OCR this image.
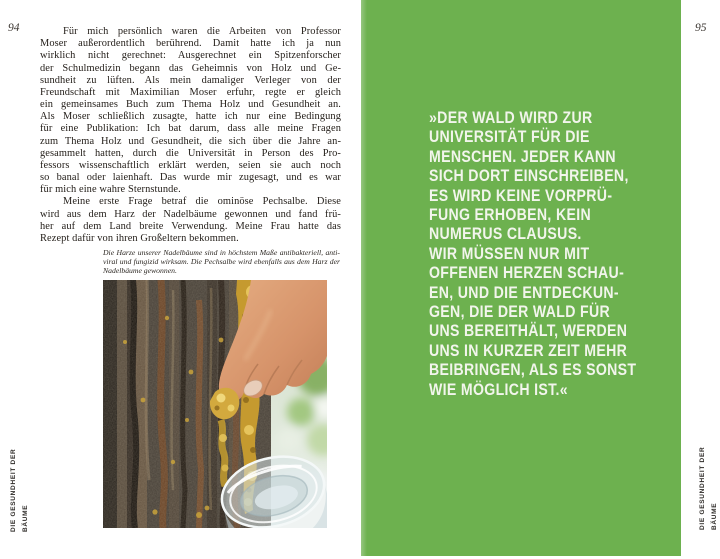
94	Für mich persönlich waren die Arbeiten von Professor
Moser außerordentlich berührend. Damit hatte ich ja nun
wirklich nicht gerechnet: Ausgerechnet ein Spitzenforscher
der Schulmedizin begann das Geheimnis von Holz und Ge-
sundheit zu lüften. Als mein damaliger Verleger von der
Freundschaft mit Maximilian Moser erfuhr, regte er gleich
ein gemeinsames Buch zum Thema Holz und Gesundheit an.
Als Moser schließlich zusagte, hatte ich nur eine Bedingung
für eine Publikation: Ich bat darum, dass alle meine Fragen
zum Thema Holz und Gesundheit, die sich über die Jahre an-
gesammelt hatten, durch die Universität in Person des Pro-
fessors wissenschaftlich erklärt werden, seien sie auch noch
so banal oder laienhaft. Das wurde mir zugesagt, und es war
für mich eine wahre Sternstunde.
Meine erste Frage betraf die ominöse Pechsalbe. Diese
wird aus dem Harz der Nadelbäume gewonnen und fand frü-
her auf dem Land breite Verwendung. Meine Frau hatte das
Rezept dafür von ihren Großeltern bekommen.
Die Harze unserer Nadelbäume sind in höchstem Maße antibakteriell, anti-
viral und fungizid wirksam. Die Pechsalbe wird ebenfalls aus dem Harz der
Nadelbäume gewonnen.
DIE GESUNDHEIT DER BÄUME
»DER WALD WIRD ZUR
UNIVERSITÄT FÜR DIE
MENSCHEN. JEDER KANN
SICH DORT EINSCHREIBEN,
ES WIRD KEINE VORPRÜ-
FUNG ERHOBEN, KEIN
NUMERUS CLAUSUS.
WIR MÜSSEN NUR MIT
OFFENEN HERZEN SCHAU-
EN, UND DIE ENTDECKUN-
GEN, DIE DER WALD FÜR
UNS BEREITHÄLT, WERDEN
UNS IN KURZER ZEIT MEHR
BEIBRINGEN, ALS ES SONST
WIE MÖGLICH IST.«
95
DIE GESUNDHEIT DER BÄUME
